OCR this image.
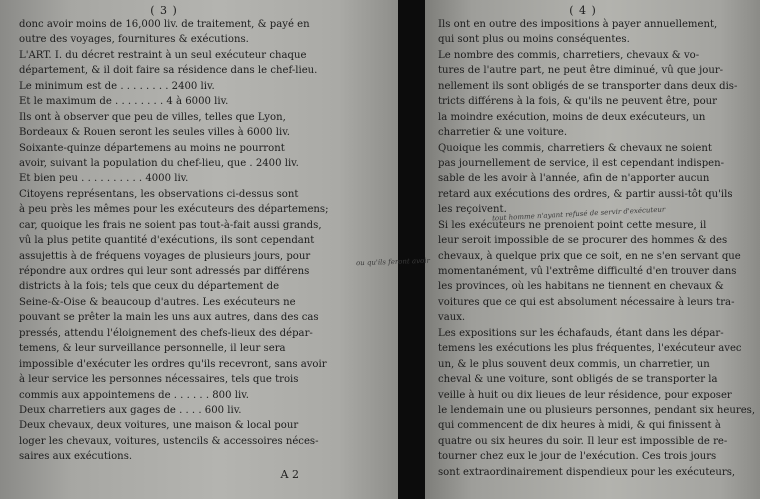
( 3 )
donc avoir moins de 16,000 liv. de traitement, & payé en
outre des voyages, fournitures & exécutions.
L'ART. I. du décret restraint à un seul exécuteur chaque
département, & il doit faire sa résidence dans le chef-lieu.
Le minimum est de . . . . . . . . 2400 liv.
Et le maximum de . . . . . . . . 4 à 6000 liv.
Ils ont à observer que peu de villes, telles que Lyon,
Bordeaux & Rouen seront les seules villes à 6000 liv.
Soixante-quinze départemens au moins ne pourront
avoir, suivant la population du chef-lieu, que . 2400 liv.
Et bien peu . . . . . . . . . . 4000 liv.
Citoyens représentans, les observations ci-dessus sont
à peu près les mêmes pour les exécuteurs des départemens;
car, quoique les frais ne soient pas tout-à-fait aussi grands,
vû la plus petite quantité d'exécutions, ils sont cependant
assujettis à de fréquens voyages de plusieurs jours, pour
répondre aux ordres qui leur sont adressés par différens
districts à la fois; tels que ceux du département de
Seine-&-Oise & beaucoup d'autres. Les exécuteurs ne
pouvant se prêter la main les uns aux autres, dans des cas
pressés, attendu l'éloignement des chefs-lieux des dépar-
temens, & leur surveillance personnelle, il leur sera
impossible d'exécuter les ordres qu'ils recevront, sans avoir
à leur service les personnes nécessaires, tels que trois
commis aux appointemens de . . . . . . 800 liv.
Deux charretiers aux gages de . . . . 600 liv.
Deux chevaux, deux voitures, une maison & local pour
loger les chevaux, voitures, ustencils & accessoires néces-
saires aux exécutions.
A 2
( 4 )
Ils ont en outre des impositions à payer annuellement,
qui sont plus ou moins conséquentes.
Le nombre des commis, charretiers, chevaux & vo-
tures de l'autre part, ne peut être diminué, vû que jour-
nellement ils sont obligés de se transporter dans deux dis-
tricts différens à la fois, & qu'ils ne peuvent être, pour
la moindre exécution, moins de deux exécuteurs, un
charretier & une voiture.
Quoique les commis, charretiers & chevaux ne soient
pas journellement de service, il est cependant indispen-
sable de les avoir à l'année, afin de n'apporter aucun
retard aux exécutions des ordres, & partir aussi-tôt qu'ils
les reçoivent.
Si les exécuteurs ne prenoient point cette mesure, il
leur seroit impossible de se procurer des hommes & des
chevaux, à quelque prix que ce soit, en ne s'en servant que
momentanément, vû l'extrême difficulté d'en trouver dans
les provinces, où les habitans ne tiennent en chevaux &
voitures que ce qui est absolument nécessaire à leurs tra-
vaux.
Les expositions sur les échafauds, étant dans les dépar-
temens les exécutions les plus fréquentes, l'exécuteur avec
un, & le plus souvent deux commis, un charretier, un
cheval & une voiture, sont obligés de se transporter la
veille à huit ou dix lieues de leur résidence, pour exposer
le lendemain une ou plusieurs personnes, pendant six heures,
qui commencent de dix heures à midi, & qui finissent à
quatre ou six heures du soir. Il leur est impossible de re-
tourner chez eux le jour de l'exécution. Ces trois jours
sont extraordinairement dispendieux pour les exécuteurs,
ou qu'ils feront avoir
tout homme n'ayant refusé de servir d'exécuteur
